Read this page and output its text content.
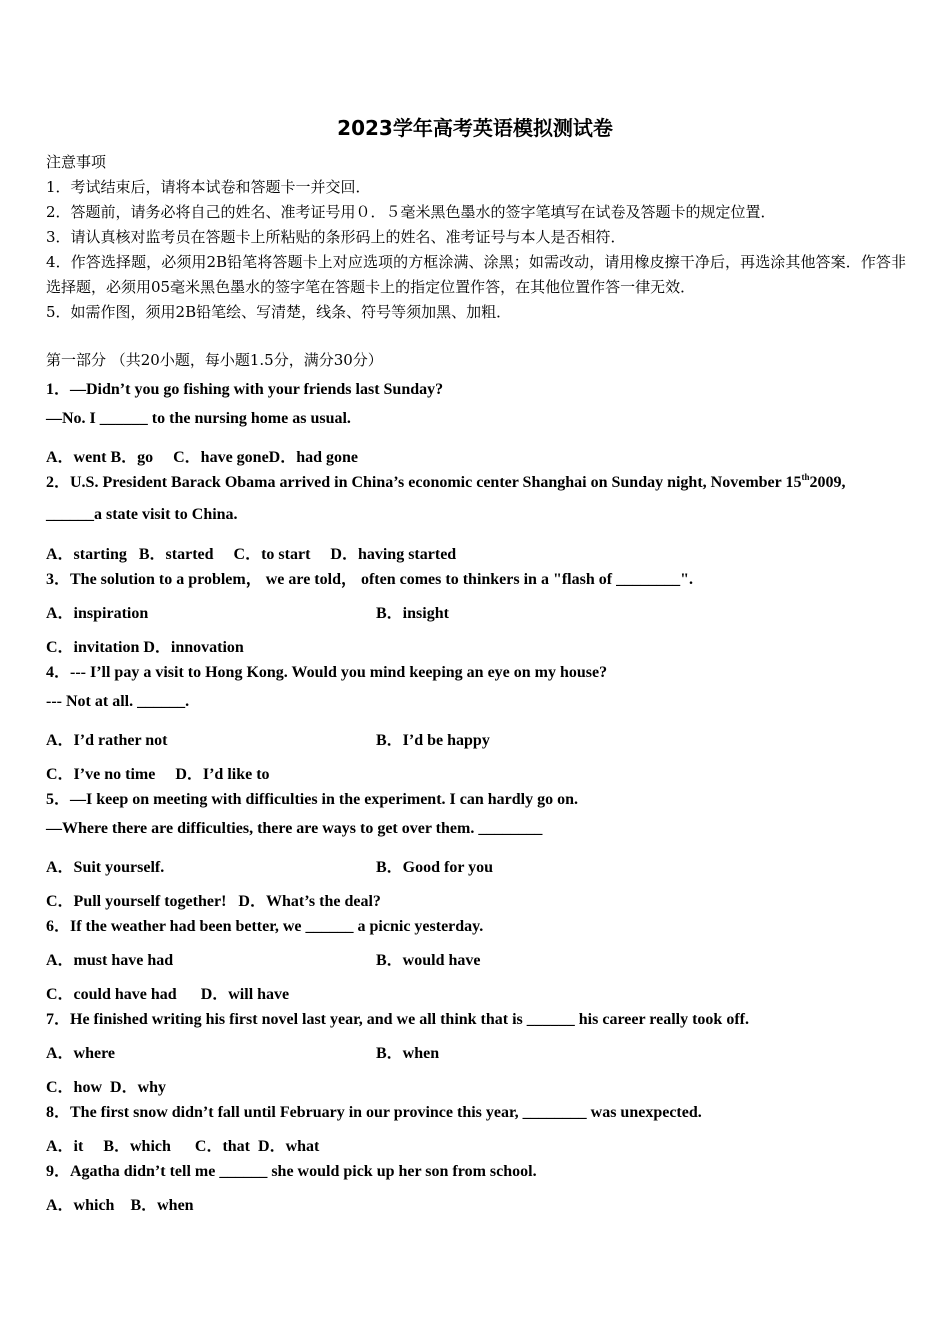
2023学年高考英语模拟测试卷
注意事项
1．考试结束后，请将本试卷和答题卡一并交回．
2．答题前，请务必将自己的姓名、准考证号用０．５毫米黑色墨水的签字笔填写在试卷及答题卡的规定位置．
3．请认真核对监考员在答题卡上所粘贴的条形码上的姓名、准考证号与本人是否相符．
4．作答选择题，必须用2B铅笔将答题卡上对应选项的方框涂满、涂黑；如需改动，请用橡皮擦干净后，再选涂其他答案．作答非选择题，必须用05毫米黑色墨水的签字笔在答题卡上的指定位置作答，在其他位置作答一律无效．
5．如需作图，须用2B铅笔绘、写清楚，线条、符号等须加黑、加粗．
第一部分 （共20小题，每小题1.5分，满分30分）
1．—Didn’t you go fishing with your friends last Sunday?
—No. I ______ to the nursing home as usual.
A．went B．go     C．have goneD．had gone
2．U.S. President Barack Obama arrived in China’s economic center Shanghai on Sunday night, November 15th2009,
______a state visit to China.
A．starting   B．started     C．to start     D．having started
3．The solution to a problem， we are told， often comes to thinkers in a "flash of ________".
A．inspiration	B．insight
C．invitation D．innovation
4．--- I’ll pay a visit to Hong Kong. Would you mind keeping an eye on my house?
--- Not at all. ______.
A．I’d rather not	B．I’d be happy
C．I’ve no time     D．I’d like to
5．—I keep on meeting with difficulties in the experiment. I can hardly go on.
—Where there are difficulties, there are ways to get over them. ________
A．Suit yourself.	B．Good for you
C．Pull yourself together!   D．What’s the deal?
6．If the weather had been better, we ______ a picnic yesterday.
A．must have had	B．would have
C．could have had      D．will have
7．He finished writing his first novel last year, and we all think that is ______ his career really took off.
A．where	B．when
C．how  D．why
8．The first snow didn’t fall until February in our province this year, ________ was unexpected.
A．it     B．which      C．that  D．what
9．Agatha didn’t tell me ______ she would pick up her son from school.
A．which    B．when
